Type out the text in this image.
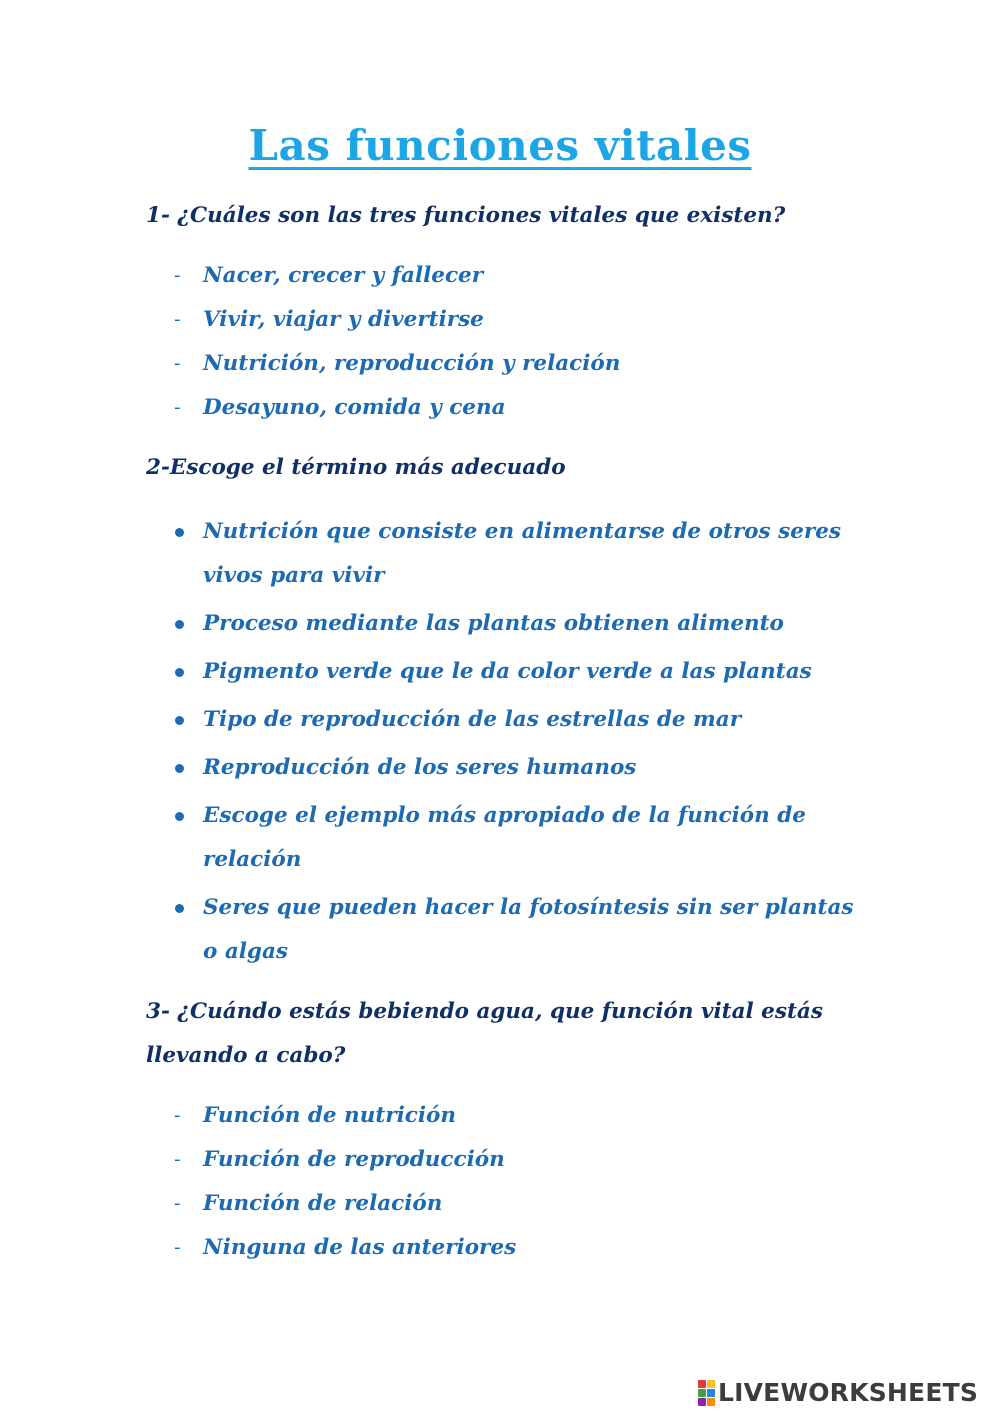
Las funciones vitales
1- ¿Cuáles son las tres funciones vitales que existen?
- Nacer, crecer y fallecer
- Vivir, viajar y divertirse
- Nutrición, reproducción y relación
- Desayuno, comida y cena
2-Escoge el término más adecuado
Nutrición que consiste en alimentarse de otros seres vivos para vivir
Proceso mediante las plantas obtienen alimento
Pigmento verde que le da color verde a las plantas
Tipo de reproducción de las estrellas de mar
Reproducción de los seres humanos
Escoge el ejemplo más apropiado de la función de relación
Seres que pueden hacer la fotosíntesis sin ser plantas o algas
3- ¿Cuándo estás bebiendo agua, que función vital estás llevando a cabo?
- Función de nutrición
- Función de reproducción
- Función de relación
- Ninguna de las anteriores
LIVEWORKSHEETS
